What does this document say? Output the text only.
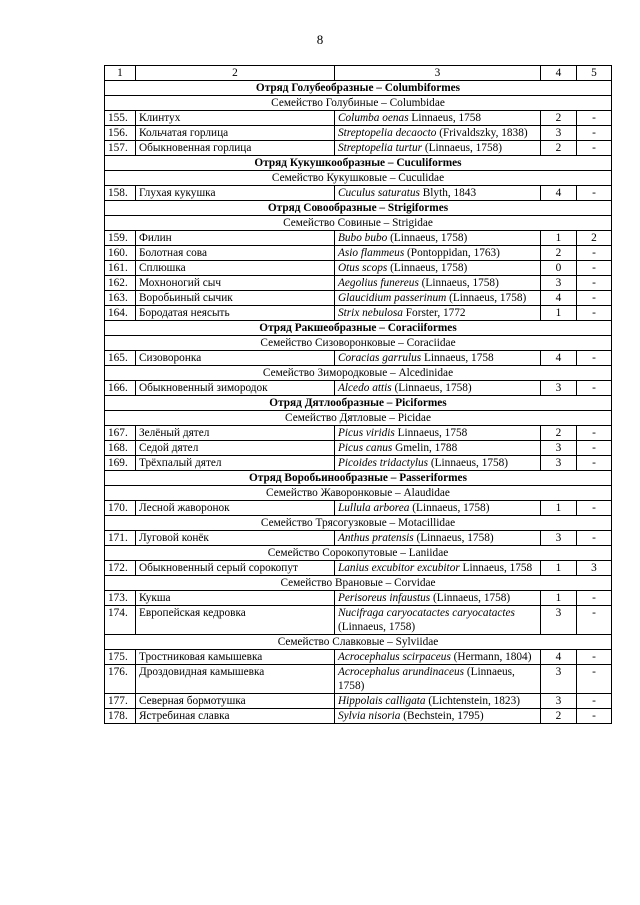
8
1	2	3	4	5
Отряд Голубеобразные – Columbiformes				
Семейство Голубиные – Columbidae				
155.	Клинтух	Columba oenas Linnaeus, 1758	2	-
156.	Кольчатая горлица	Streptopelia decaocto (Frivaldszky, 1838)	3	-
157.	Обыкновенная горлица	Streptopelia turtur (Linnaeus, 1758)	2	-
Отряд Кукушкообразные – Cuculiformes				
Семейство Кукушковые – Cuculidae				
158.	Глухая кукушка	Cuculus saturatus Blyth, 1843	4	-
Отряд Совообразные – Strigiformes				
Семейство Совиные – Strigidae				
159.	Филин	Bubo bubo (Linnaeus, 1758)	1	2
160.	Болотная сова	Asio flammeus (Pontoppidan, 1763)	2	-
161.	Сплюшка	Otus scops (Linnaeus, 1758)	0	-
162.	Мохноногий сыч	Aegolius funereus (Linnaeus, 1758)	3	-
163.	Воробьиный сычик	Glaucidium passerinum (Linnaeus, 1758)	4	-
164.	Бородатая неясыть	Strix nebulosa Forster, 1772	1	-
Отряд Ракшеобразные – Coraciiformes				
Семейство Сизоворонковые – Coraciidae				
165.	Сизоворонка	Coracias garrulus Linnaeus, 1758	4	-
Семейство Зимородковые – Alcedinidae				
166.	Обыкновенный зимородок	Alcedo attis (Linnaeus, 1758)	3	-
Отряд Дятлообразные – Piciformes				
Семейство Дятловые – Picidae				
167.	Зелёный дятел	Picus viridis Linnaeus, 1758	2	-
168.	Седой дятел	Picus canus Gmelin, 1788	3	-
169.	Трёхпалый дятел	Picoides tridactylus (Linnaeus, 1758)	3	-
Отряд Воробьинообразные – Passeriformes				
Семейство Жаворонковые – Alaudidae				
170.	Лесной жаворонок	Lullula arborea (Linnaeus, 1758)	1	-
Семейство Трясогузковые – Motacillidae				
171.	Луговой конёк	Anthus pratensis (Linnaeus, 1758)	3	-
Семейство Сорокопутовые – Laniidae				
172.	Обыкновенный серый сорокопут	Lanius excubitor excubitor Linnaeus, 1758	1	3
Семейство Врановые – Corvidae				
173.	Кукша	Perisoreus infaustus (Linnaeus, 1758)	1	-
174.	Европейская кедровка	Nucifraga caryocatactes caryocatactes (Linnaeus, 1758)	3	-
Семейство Славковые – Sylviidae				
175.	Тростниковая камышевка	Acrocephalus scirpaceus (Hermann, 1804)	4	-
176.	Дроздовидная камышевка	Acrocephalus arundinaceus (Linnaeus, 1758)	3	-
177.	Северная бормотушка	Hippolais calligata (Lichtenstein, 1823)	3	-
178.	Ястребиная славка	Sylvia nisoria (Bechstein, 1795)	2	-
